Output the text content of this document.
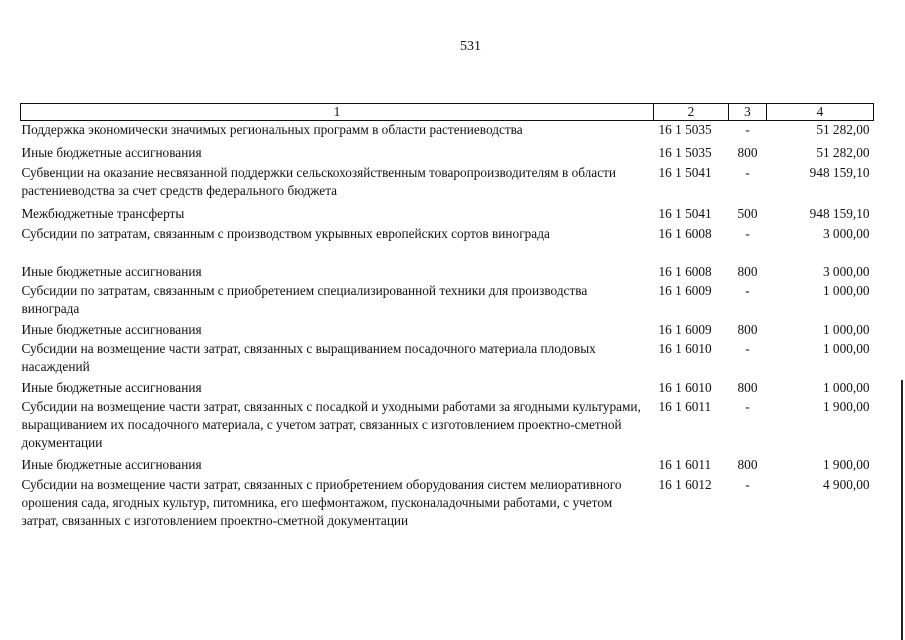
531
1	2	3	4
Поддержка экономически значимых региональных программ в области растениеводства	16 1 5035	-	51 282,00
Иные бюджетные ассигнования	16 1 5035	800	51 282,00
Субвенции на оказание несвязанной поддержки сельскохозяйственным товаропроизводителям в области растениеводства за счет средств федерального бюджета	16 1 5041	-	948 159,10
Межбюджетные трансферты	16 1 5041	500	948 159,10
Субсидии по затратам, связанным с производством укрывных европейских сортов винограда	16 1 6008	-	3 000,00
Иные бюджетные ассигнования	16 1 6008	800	3 000,00
Субсидии по затратам, связанным с приобретением специализированной техники для производства винограда	16 1 6009	-	1 000,00
Иные бюджетные ассигнования	16 1 6009	800	1 000,00
Субсидии на возмещение части затрат, связанных с выращиванием посадочного материала плодовых насаждений	16 1 6010	-	1 000,00
Иные бюджетные ассигнования	16 1 6010	800	1 000,00
Субсидии на возмещение части затрат, связанных с посадкой и уходными работами за ягодными культурами, выращиванием их посадочного материала, с учетом затрат, связанных с изготовлением проектно-сметной документации	16 1 6011	-	1 900,00
Иные бюджетные ассигнования	16 1 6011	800	1 900,00
Субсидии на возмещение части затрат, связанных с приобретением оборудования систем мелиоративного орошения сада, ягодных культур, питомника, его шефмонтажом, пусконаладочными работами, с учетом затрат, связанных с изготовлением проектно-сметной документации	16 1 6012	-	4 900,00
